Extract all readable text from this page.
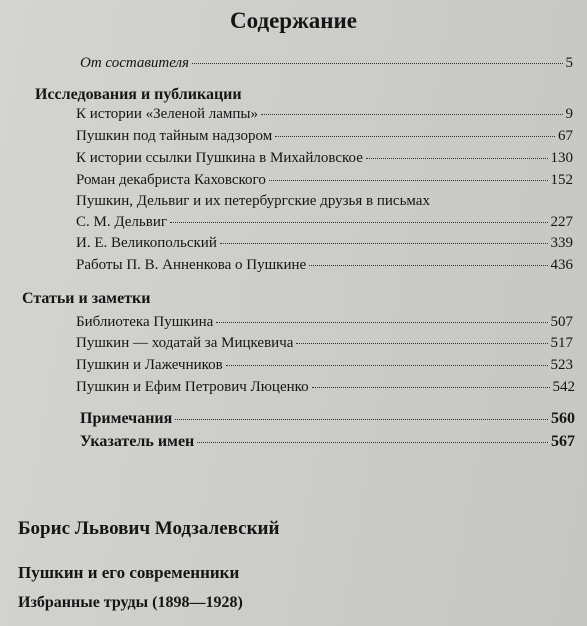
Содержание
От составителя	5
Исследования и публикации
К истории «Зеленой лампы»	9
Пушкин под тайным надзором	67
К истории ссылки Пушкина в Михайловское	130
Роман декабриста Каховского	152
Пушкин, Дельвиг и их петербургские друзья в письмах
С. М. Дельвиг	227
И. Е. Великопольский	339
Работы П. В. Анненкова о Пушкине	436
Статьи и заметки
Библиотека Пушкина	507
Пушкин — ходатай за Мицкевича	517
Пушкин и Лажечников	523
Пушкин и Ефим Петрович Люценко	542
Примечания	560
Указатель имен	567
Борис Львович Модзалевский
Пушкин и его современники
Избранные труды (1898—1928)
